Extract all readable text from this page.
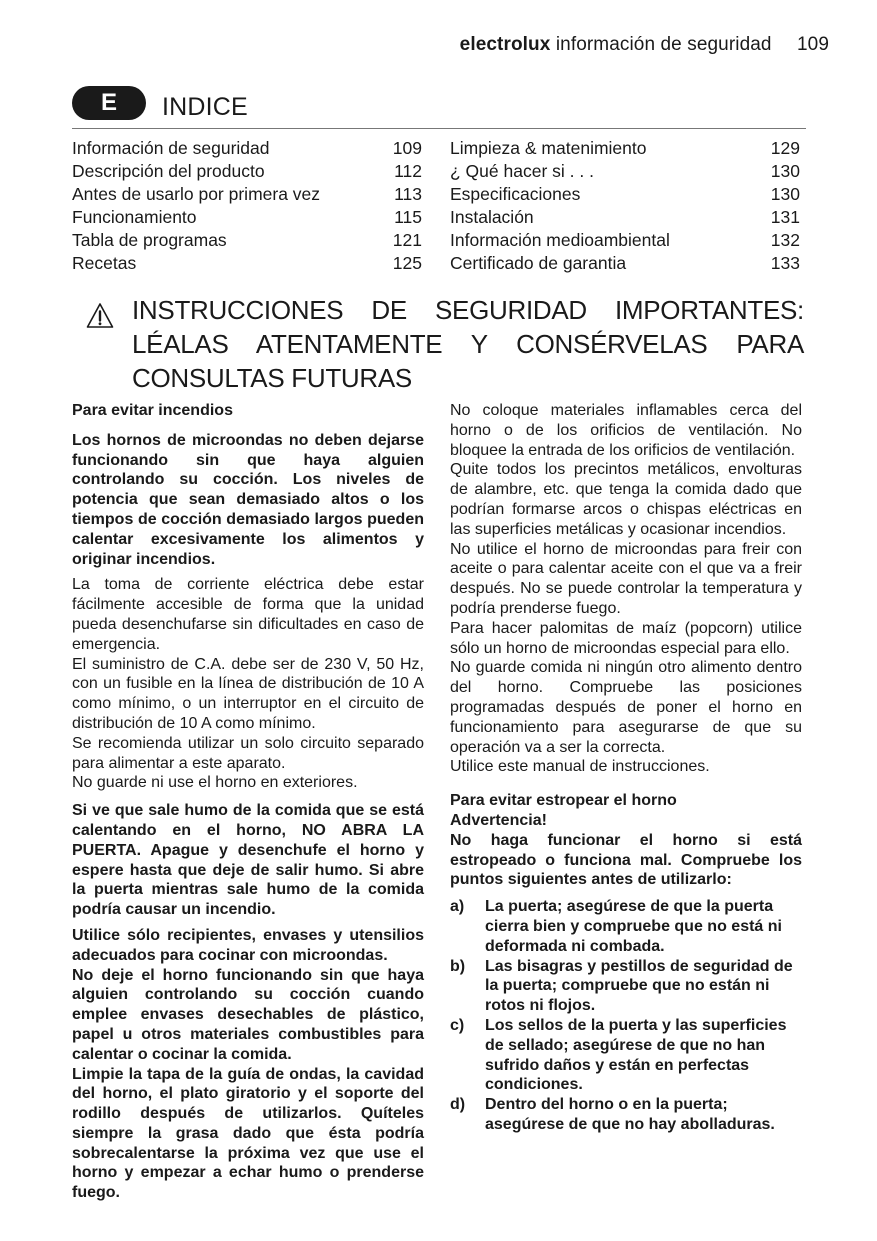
electrolux información de seguridad 109
E	INDICE
Información de seguridad	109
Descripción del producto	112
Antes de usarlo por primera vez	113
Funcionamiento	115
Tabla de programas	121
Recetas	125
Limpieza & matenimiento	129
¿ Qué hacer si . . .	130
Especificaciones	130
Instalación	131
Información medioambiental	132
Certificado de garantia	133
INSTRUCCIONES DE SEGURIDAD IMPORTANTES: LÉALAS ATENTAMENTE Y CONSÉRVELAS PARA CONSULTAS FUTURAS

Para evitar incendios

Los hornos de microondas no deben dejarse funcionando sin que haya alguien controlando su cocción. Los niveles de potencia que sean demasiado altos o los tiempos de cocción demasiado largos pueden calentar excesivamente los alimentos y originar incendios.

La toma de corriente eléctrica debe estar fácilmente accesible de forma que la unidad pueda desenchufarse sin dificultades en caso de emergencia.

El suministro de C.A. debe ser de 230 V, 50 Hz, con un fusible en la línea de distribución de 10 A como mínimo, o un interruptor en el circuito de distribución de 10 A como mínimo.

Se recomienda utilizar un solo circuito separado para alimentar a este aparato.

No guarde ni use el horno en exteriores.

Si ve que sale humo de la comida que se está calentando en el horno, NO ABRA LA PUERTA. Apague y desenchufe el horno y espere hasta que deje de salir humo. Si abre la puerta mientras sale humo de la comida podría causar un incendio.

Utilice sólo recipientes, envases y utensilios adecuados para cocinar con microondas.

No deje el horno funcionando sin que haya alguien controlando su cocción cuando emplee envases desechables de plástico, papel u otros materiales combustibles para calentar o cocinar la comida.

Limpie la tapa de la guía de ondas, la cavidad del horno, el plato giratorio y el soporte del rodillo después de utilizarlos. Quíteles siempre la grasa dado que ésta podría sobrecalentarse la próxima vez que use el horno y empezar a echar humo o prenderse fuego.

No coloque materiales inflamables cerca del horno o de los orificios de ventilación. No bloquee la entrada de los orificios de ventilación.

Quite todos los precintos metálicos, envolturas de alambre, etc. que tenga la comida dado que podrían formarse arcos o chispas eléctricas en las superficies metálicas y ocasionar incendios.

No utilice el horno de microondas para freir con aceite o para calentar aceite con el que va a freir después. No se puede controlar la temperatura y podría prenderse fuego.

Para hacer palomitas de maíz (popcorn) utilice sólo un horno de microondas especial para ello.

No guarde comida ni ningún otro alimento dentro del horno. Compruebe las posiciones programadas después de poner el horno en funcionamiento para asegurarse de que su operación va a ser la correcta.

Utilice este manual de instrucciones.

Para evitar estropear el horno

Advertencia!

No haga funcionar el horno si está estropeado o funciona mal. Compruebe los puntos siguientes antes de utilizarlo:

a)	La puerta; asegúrese de que la puerta cierra bien y compruebe que no está ni deformada ni combada.
b)	Las bisagras y pestillos de seguridad de la puerta; compruebe que no están ni rotos ni flojos.
c)	Los sellos de la puerta y las superficies de sellado; asegúrese de que no han sufrido daños y están en perfectas condiciones.
d)	Dentro del horno o en la puerta; asegúrese de que no hay abolladuras.
